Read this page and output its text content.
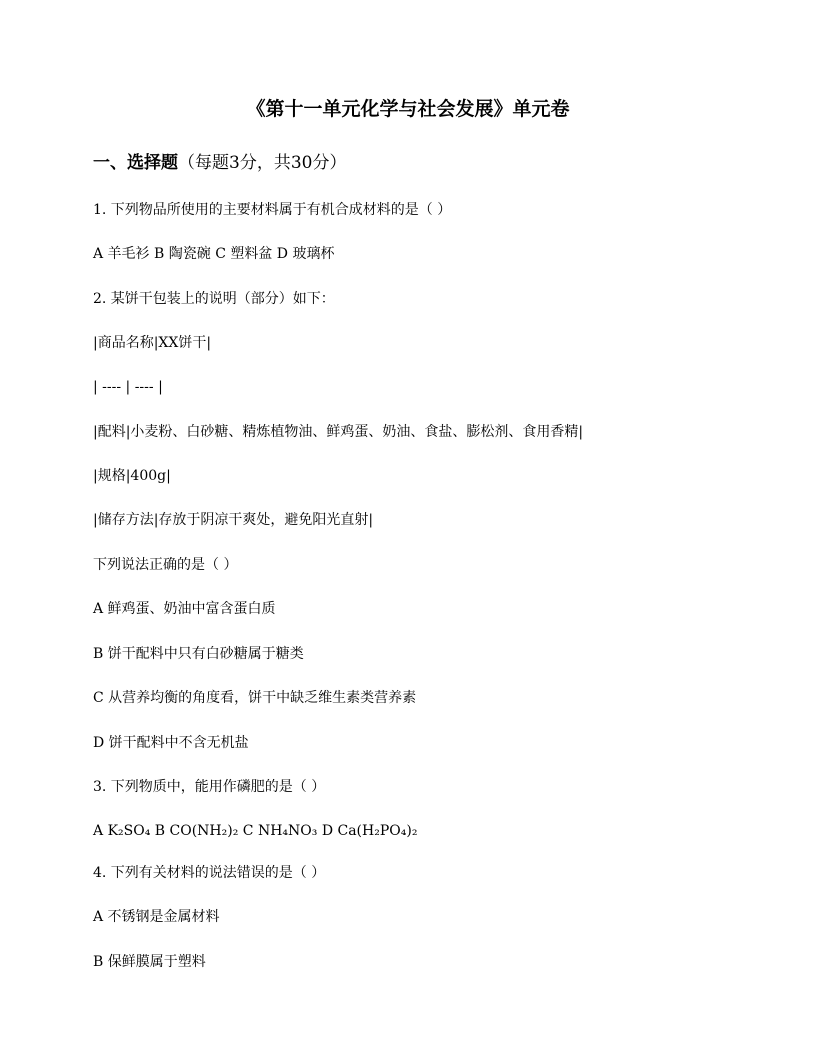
《第十一单元化学与社会发展》单元卷
一、选择题（每题3分，共30分）
1. 下列物品所使用的主要材料属于有机合成材料的是（ ）
A 羊毛衫 B 陶瓷碗 C 塑料盆 D 玻璃杯
2. 某饼干包装上的说明（部分）如下：
|商品名称|XX饼干|
| ---- | ---- |
|配料|小麦粉、白砂糖、精炼植物油、鲜鸡蛋、奶油、食盐、膨松剂、食用香精|
|规格|400g|
|储存方法|存放于阴凉干爽处，避免阳光直射|
下列说法正确的是（ ）
A 鲜鸡蛋、奶油中富含蛋白质
B 饼干配料中只有白砂糖属于糖类
C 从营养均衡的角度看，饼干中缺乏维生素类营养素
D 饼干配料中不含无机盐
3. 下列物质中，能用作磷肥的是（ ）
A K₂SO₄ B CO(NH₂)₂ C NH₄NO₃ D Ca(H₂PO₄)₂
4. 下列有关材料的说法错误的是（ ）
A 不锈钢是金属材料
B 保鲜膜属于塑料
